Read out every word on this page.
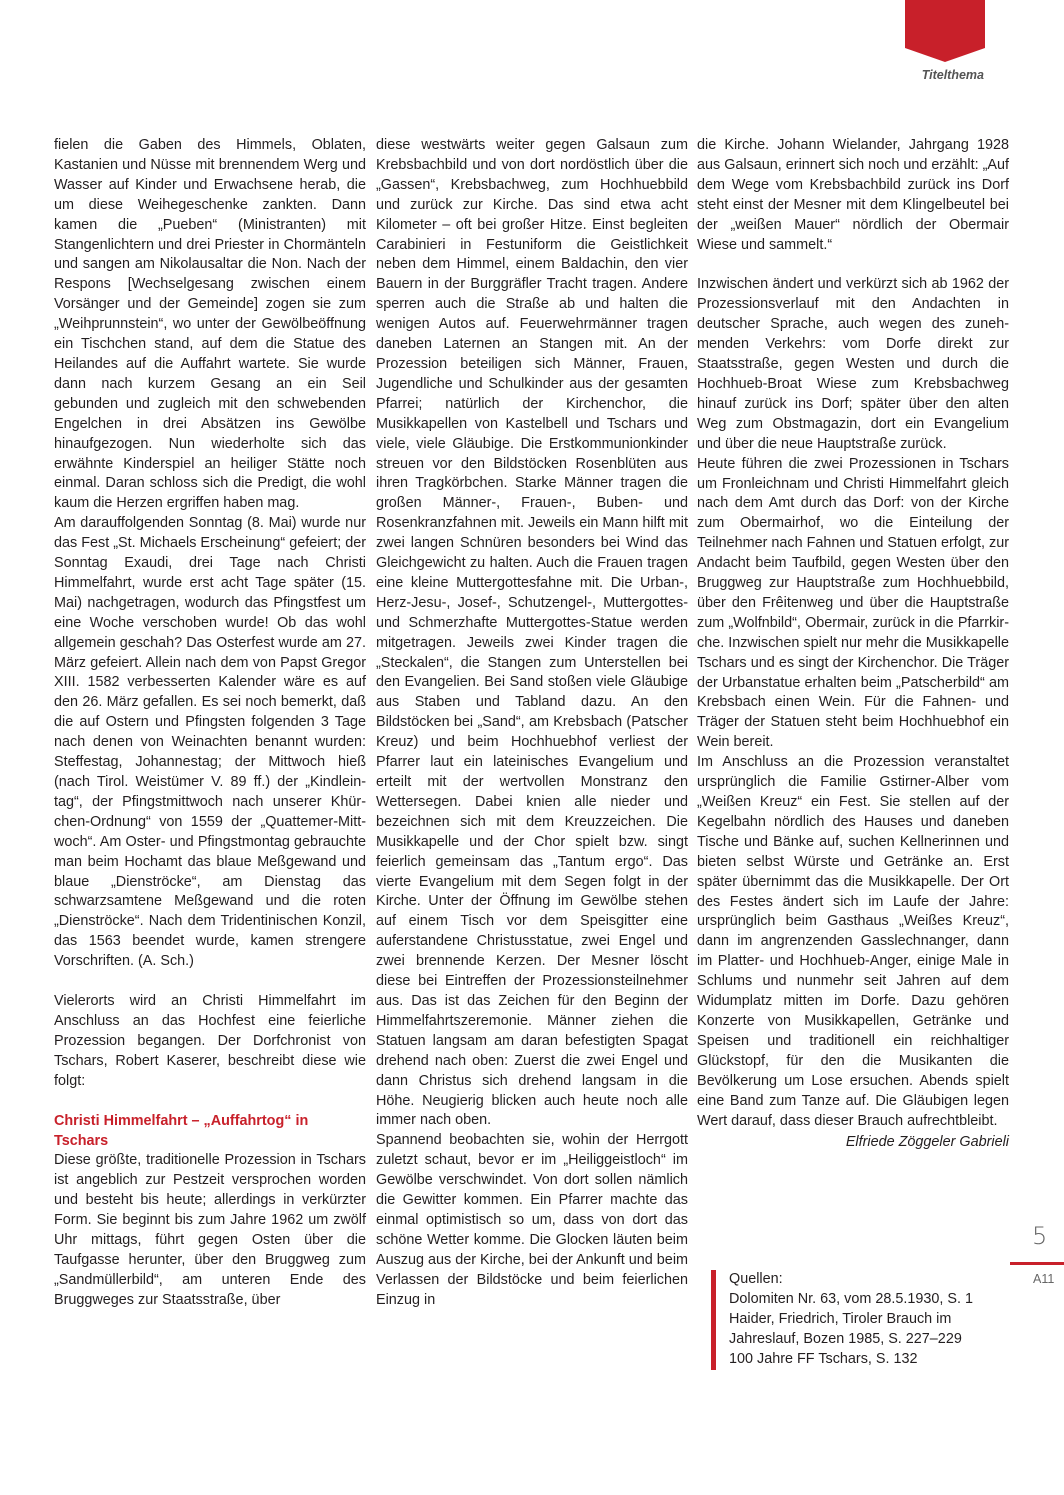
Titelthema

fielen die Gaben des Himmels, Oblaten, Kastanien und Nüsse mit brennendem Werg und Wasser auf Kinder und Erwachsene herab, die um diese Weihegeschenke zankten. Dann kamen die „Pueben“ (Ministranten) mit Stangenlichtern und drei Priester in Chormänteln und sangen am Nikolausaltar die Non. Nach der Respons [Wechselgesang zwischen einem Vorsänger und der Gemeinde] zogen sie zum „Weihprunnstein“, wo unter der Gewölbeöffnung ein Tischchen stand, auf dem die Statue des Heilandes auf die Auffahrt wartete. Sie wurde dann nach kurzem Gesang an ein Seil gebunden und zugleich mit den schwebenden Engelchen in drei Absätzen ins Gewölbe hinaufgezogen. Nun wiederholte sich das erwähnte Kinderspiel an heiliger Stätte noch einmal. Daran schloss sich die Predigt, die wohl kaum die Herzen ergriffen haben mag.

Am darauffolgenden Sonntag (8. Mai) wurde nur das Fest „St. Michaels Erscheinung“ gefeiert; der Sonntag Exaudi, drei Tage nach Christi Himmelfahrt, wurde erst acht Tage später (15. Mai) nachgetragen, wodurch das Pfingstfest um eine Woche verschoben wurde! Ob das wohl allgemein geschah? Das Osterfest wurde am 27. März gefeiert. Allein nach dem von Papst Gregor XIII. 1582 verbesserten Kalender wäre es auf den 26. März gefallen. Es sei noch bemerkt, daß die auf Ostern und Pfingsten folgenden 3 Tage nach denen von Weinachten benannt wurden: Steffestag, Johannestag; der Mittwoch hieß (nach Tirol. Weistümer V. 89 ff.) der „Kindleintag“, der Pfingstmittwoch nach unserer Khürchen-Ordnung“ von 1559 der „Quattemer-Mittwoch“. Am Oster- und Pfingstmontag gebrauchte man beim Hochamt das blaue Meßgewand und blaue „Dienströcke“, am Dienstag das schwarzsamtene Meßgewand und die roten „Dienströcke“. Nach dem Tridentinischen Konzil, das 1563 beendet wurde, kamen strengere Vorschriften. (A. Sch.)

Vielerorts wird an Christi Himmelfahrt im Anschluss an das Hochfest eine feierliche Prozession begangen. Der Dorfchronist von Tschars, Robert Kaserer, beschreibt diese wie folgt:

Christi Himmelfahrt – „Auffahrtog“ in Tschars

Diese größte, traditionelle Prozession in Tschars ist angeblich zur Pestzeit versprochen worden und besteht bis heute; allerdings in verkürzter Form. Sie beginnt bis zum Jahre 1962 um zwölf Uhr mittags, führt gegen Osten über die Taufgasse herunter, über den Bruggweg zum „Sandmüllerbild“, am unteren Ende des Bruggweges zur Staatsstraße, über

diese westwärts weiter gegen Galsaun zum Krebsbachbild und von dort nordöstlich über die „Gassen“, Krebsbachweg, zum Hochhuebbild und zurück zur Kirche. Das sind etwa acht Kilometer – oft bei großer Hitze. Einst begleiten Carabinieri in Festuniform die Geistlichkeit neben dem Himmel, einem Baldachin, den vier Bauern in der Burggräfler Tracht tragen. Andere sperren auch die Straße ab und halten die wenigen Autos auf. Feuerwehrmänner tragen daneben Laternen an Stangen mit. An der Prozession beteiligen sich Männer, Frauen, Jugendliche und Schulkinder aus der gesamten Pfarrei; natürlich der Kirchenchor, die Musikkapellen von Kastelbell und Tschars und viele, viele Gläubige. Die Erstkommunionkinder streuen vor den Bildstöcken Rosenblüten aus ihren Tragkörbchen. Starke Männer tragen die großen Männer-, Frauen-, Buben- und Rosenkranzfahnen mit. Jeweils ein Mann hilft mit zwei langen Schnüren besonders bei Wind das Gleichgewicht zu halten. Auch die Frauen tragen eine kleine Muttergottesfahne mit. Die Urban-, Herz-Jesu-, Josef-, Schutzengel-, Muttergottes- und Schmerzhafte Muttergottes-Statue werden mitgetragen. Jeweils zwei Kinder tragen die „Steckalen“, die Stangen zum Unterstellen bei den Evangelien. Bei Sand stoßen viele Gläubige aus Staben und Tabland dazu. An den Bildstöcken bei „Sand“, am Krebsbach (Patscher Kreuz) und beim Hochhuebhof verliest der Pfarrer laut ein lateinisches Evangelium und erteilt mit der wertvollen Monstranz den Wettersegen. Dabei knien alle nieder und bezeichnen sich mit dem Kreuzzeichen. Die Musikkapelle und der Chor spielt bzw. singt feierlich gemeinsam das „Tantum ergo“. Das vierte Evangelium mit dem Segen folgt in der Kirche. Unter der Öffnung im Gewölbe stehen auf einem Tisch vor dem Speisgitter eine auferstandene Christusstatue, zwei Engel und zwei brennende Kerzen. Der Mesner löscht diese bei Eintreffen der Prozessionsteilnehmer aus. Das ist das Zeichen für den Beginn der Himmelfahrtszeremonie. Männer ziehen die Statuen langsam am daran befestigten Spagat drehend nach oben: Zuerst die zwei Engel und dann Christus sich drehend langsam in die Höhe. Neugierig blicken auch heute noch alle immer nach oben.

Spannend beobachten sie, wohin der Herrgott zuletzt schaut, bevor er im „Heiliggeistloch“ im Gewölbe verschwindet. Von dort sollen nämlich die Gewitter kommen. Ein Pfarrer machte das einmal optimistisch so um, dass von dort das schöne Wetter komme. Die Glocken läuten beim Auszug aus der Kirche, bei der Ankunft und beim Verlassen der Bildstöcke und beim feierlichen Einzug in

die Kirche. Johann Wielander, Jahrgang 1928 aus Galsaun, erinnert sich noch und erzählt: „Auf dem Wege vom Krebsbachbild zurück ins Dorf steht einst der Mesner mit dem Klingelbeutel bei der „weißen Mauer“ nördlich der Obermair Wiese und sammelt.“

Inzwischen ändert und verkürzt sich ab 1962 der Prozessionsverlauf mit den Andachten in deutscher Sprache, auch wegen des zunehmenden Verkehrs: vom Dorfe direkt zur Staatsstraße, gegen Westen und durch die Hochhueb-Broat Wiese zum Krebsbachweg hinauf zurück ins Dorf; später über den alten Weg zum Obstmagazin, dort ein Evangelium und über die neue Hauptstraße zurück.

Heute führen die zwei Prozessionen in Tschars um Fronleichnam und Christi Himmelfahrt gleich nach dem Amt durch das Dorf: von der Kirche zum Obermairhof, wo die Einteilung der Teilnehmer nach Fahnen und Statuen erfolgt, zur Andacht beim Taufbild, gegen Westen über den Bruggweg zur Hauptstraße zum Hochhuebbild, über den Frêitenweg und über die Hauptstraße zum „Wolfnbild“, Obermair, zurück in die Pfarrkirche. Inzwischen spielt nur mehr die Musikkapelle Tschars und es singt der Kirchenchor. Die Träger der Urbanstatue erhalten beim „Patscherbild“ am Krebsbach einen Wein. Für die Fahnen- und Träger der Statuen steht beim Hochhuebhof ein Wein bereit.

Im Anschluss an die Prozession veranstaltet ursprünglich die Familie Gstirner-Alber vom „Weißen Kreuz“ ein Fest. Sie stellen auf der Kegelbahn nördlich des Hauses und daneben Tische und Bänke auf, suchen Kellnerinnen und bieten selbst Würste und Getränke an. Erst später übernimmt das die Musikkapelle. Der Ort des Festes ändert sich im Laufe der Jahre: ursprünglich beim Gasthaus „Weißes Kreuz“, dann im angrenzenden Gasslechnanger, dann im Platter- und Hochhueb-Anger, einige Male in Schlums und nunmehr seit Jahren auf dem Widumplatz mitten im Dorfe. Dazu gehören Konzerte von Musikkapellen, Getränke und Speisen und traditionell ein reichhaltiger Glückstopf, für den die Musikanten die Bevölkerung um Lose ersuchen. Abends spielt eine Band zum Tanze auf. Die Gläubigen legen Wert darauf, dass dieser Brauch aufrechtbleibt.

Elfriede Zöggeler Gabrieli
Quellen:
Dolomiten Nr. 63, vom 28.5.1930, S. 1
Haider, Friedrich, Tiroler Brauch im
Jahreslauf, Bozen 1985, S. 227–229
100 Jahre FF Tschars, S. 132
5
A11
